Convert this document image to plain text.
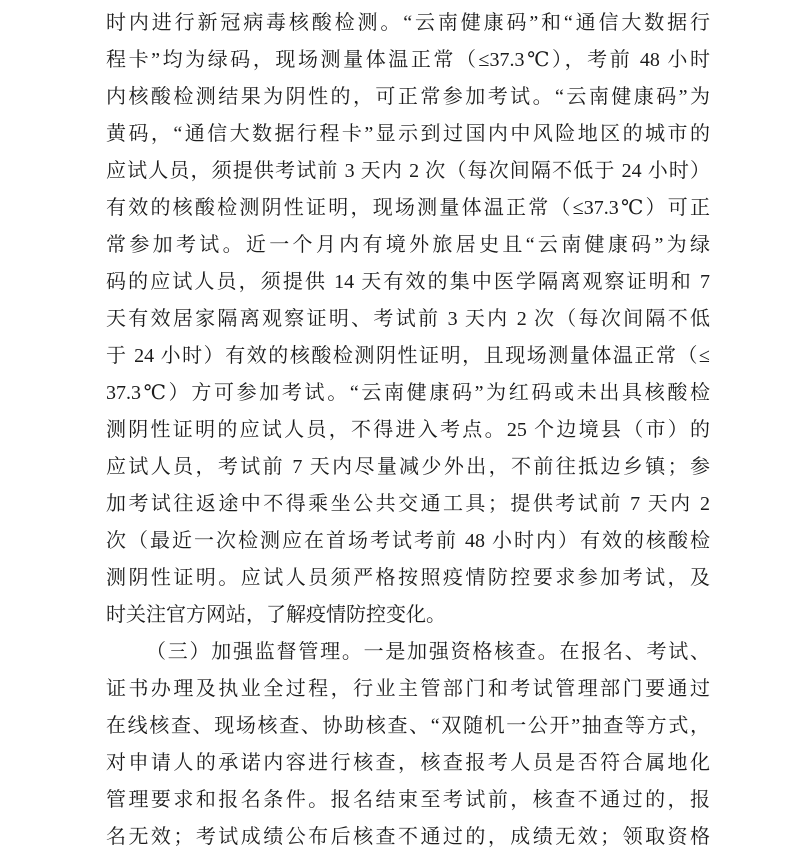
时内进行新冠病毒核酸检测。“云南健康码”和“通信大数据行
程卡”均为绿码，现场测量体温正常（≤37.3℃），考前 48 小时
内核酸检测结果为阴性的，可正常参加考试。“云南健康码”为
黄码，“通信大数据行程卡”显示到过国内中风险地区的城市的
应试人员，须提供考试前 3 天内 2 次（每次间隔不低于 24 小时）
有效的核酸检测阴性证明，现场测量体温正常（≤37.3℃）可正
常参加考试。近一个月内有境外旅居史且“云南健康码”为绿
码的应试人员，须提供 14 天有效的集中医学隔离观察证明和 7
天有效居家隔离观察证明、考试前 3 天内 2 次（每次间隔不低
于 24 小时）有效的核酸检测阴性证明，且现场测量体温正常（≤
37.3℃）方可参加考试。“云南健康码”为红码或未出具核酸检
测阴性证明的应试人员，不得进入考点。25 个边境县（市）的
应试人员，考试前 7 天内尽量减少外出，不前往抵边乡镇；参
加考试往返途中不得乘坐公共交通工具；提供考试前 7 天内 2
次（最近一次检测应在首场考试考前 48 小时内）有效的核酸检
测阴性证明。应试人员须严格按照疫情防控要求参加考试，及
时关注官方网站，了解疫情防控变化。
（三）加强监督管理。一是加强资格核查。在报名、考试、
证书办理及执业全过程，行业主管部门和考试管理部门要通过
在线核查、现场核查、协助核查、“双随机一公开”抽查等方式，
对申请人的承诺内容进行核查，核查报考人员是否符合属地化
管理要求和报名条件。报名结束至考试前，核查不通过的，报
名无效；考试成绩公布后核查不通过的，成绩无效；领取资格
